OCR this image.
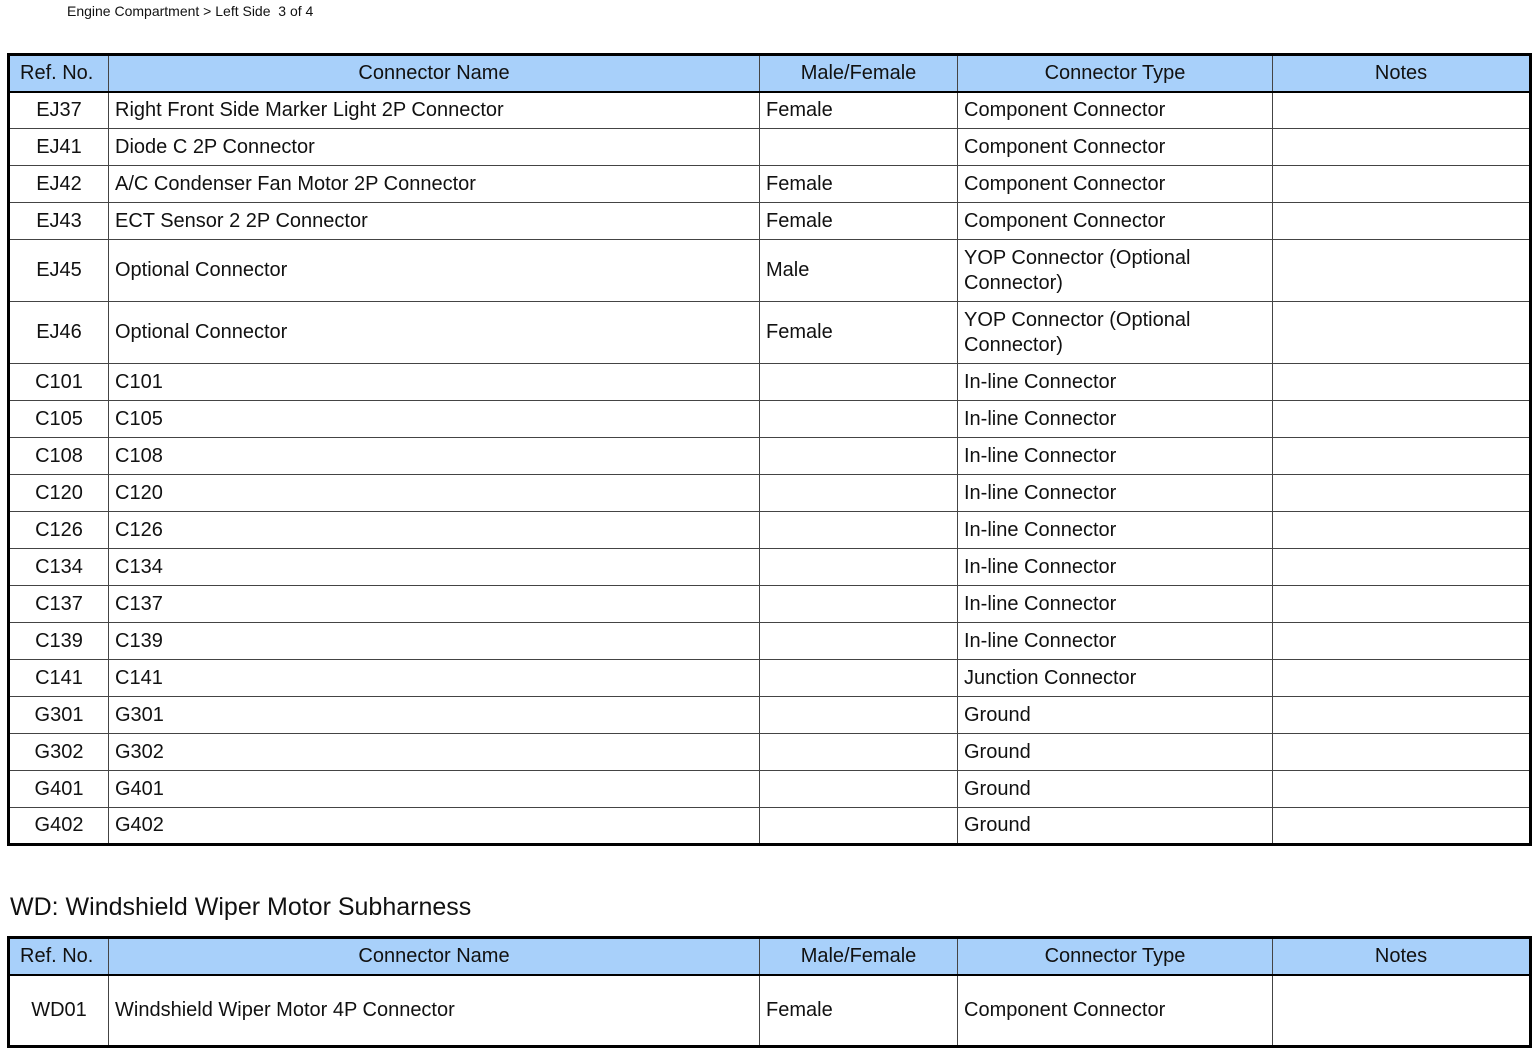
Engine Compartment > Left Side  3 of 4
Ref. No.	Connector Name	Male/Female	Connector Type	Notes
EJ37	Right Front Side Marker Light 2P Connector	Female	Component Connector	
EJ41	Diode C 2P Connector		Component Connector	
EJ42	A/C Condenser Fan Motor 2P Connector	Female	Component Connector	
EJ43	ECT Sensor 2 2P Connector	Female	Component Connector	
EJ45	Optional Connector	Male	YOP Connector (Optional Connector)	
EJ46	Optional Connector	Female	YOP Connector (Optional Connector)	
C101	C101		In-line Connector	
C105	C105		In-line Connector	
C108	C108		In-line Connector	
C120	C120		In-line Connector	
C126	C126		In-line Connector	
C134	C134		In-line Connector	
C137	C137		In-line Connector	
C139	C139		In-line Connector	
C141	C141		Junction Connector	
G301	G301		Ground	
G302	G302		Ground	
G401	G401		Ground	
G402	G402		Ground	
WD: Windshield Wiper Motor Subharness
Ref. No.	Connector Name	Male/Female	Connector Type	Notes
WD01	Windshield Wiper Motor 4P Connector	Female	Component Connector	
